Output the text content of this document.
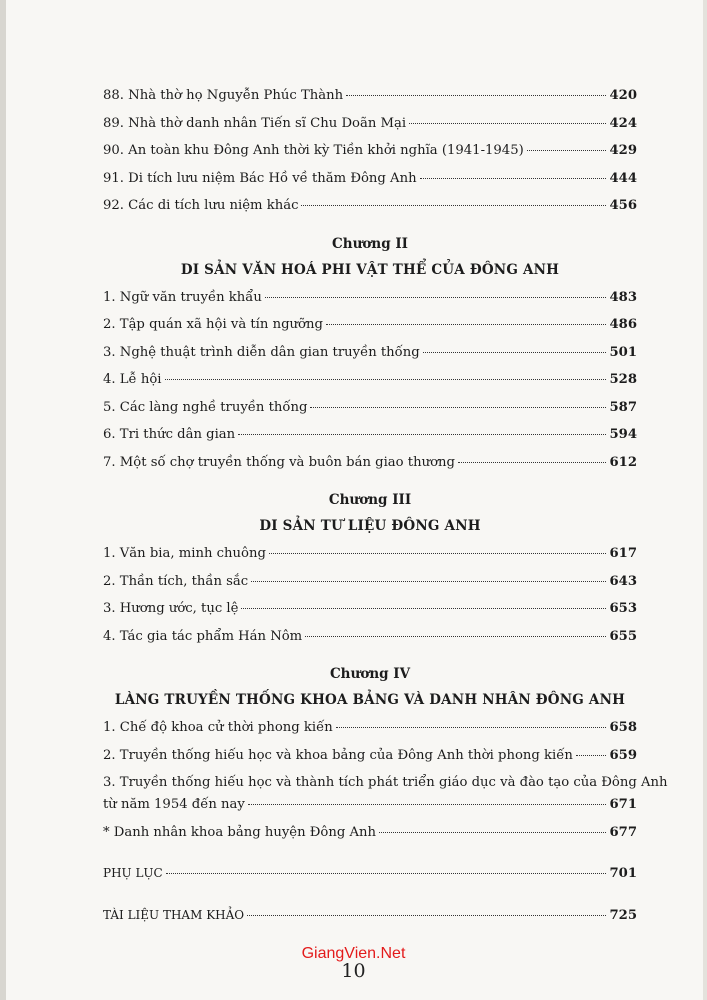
88. Nhà thờ họ Nguyễn Phúc Thành	420
89. Nhà thờ danh nhân Tiến sĩ Chu Doãn Mại	424
90. An toàn khu Đông Anh thời kỳ Tiền khởi nghĩa (1941-1945)	429
91. Di tích lưu niệm Bác Hồ về thăm Đông Anh	444
92. Các di tích lưu niệm khác	456
Chương II
DI SẢN VĂN HOÁ PHI VẬT THỂ CỦA ĐÔNG ANH
1. Ngữ văn truyền khẩu	483
2. Tập quán xã hội và tín ngưỡng	486
3. Nghệ thuật trình diễn dân gian truyền thống	501
4. Lễ hội	528
5. Các làng nghề truyền thống	587
6. Tri thức dân gian	594
7. Một số chợ truyền thống và buôn bán giao thương	612
Chương III
DI SẢN TƯ LIỆU ĐÔNG ANH
1. Văn bia, minh chuông	617
2. Thần tích, thần sắc	643
3. Hương ước, tục lệ	653
4. Tác gia tác phẩm Hán Nôm	655
Chương IV
LÀNG TRUYỀN THỐNG KHOA BẢNG VÀ DANH NHÂN ĐÔNG ANH
1. Chế độ khoa cử thời phong kiến	658
2. Truyền thống hiếu học và khoa bảng của Đông Anh thời phong kiến	659
3. Truyền thống hiếu học và thành tích phát triển giáo dục và đào tạo của Đông Anh
từ năm 1954 đến nay	671
* Danh nhân khoa bảng huyện Đông Anh	677
PHỤ LỤC	701
TÀI LIỆU THAM KHẢO	725
GiangVien.Net
10
